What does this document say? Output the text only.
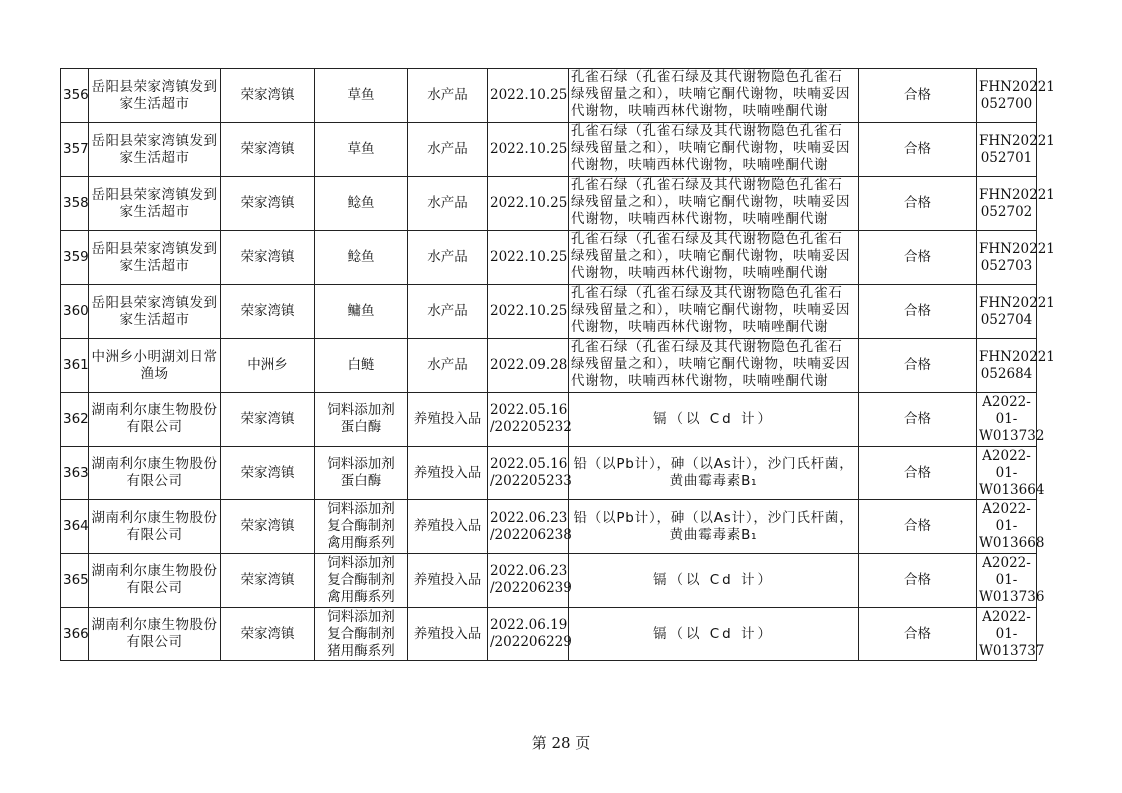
356	岳阳县荣家湾镇发到家生活超市	荣家湾镇	草鱼	水产品	2022.10.25	孔雀石绿（孔雀石绿及其代谢物隐色孔雀石绿残留量之和），呋喃它酮代谢物，呋喃妥因代谢物，呋喃西林代谢物，呋喃唑酮代谢	合格	FHN20221
052700

357	岳阳县荣家湾镇发到家生活超市	荣家湾镇	草鱼	水产品	2022.10.25	孔雀石绿（孔雀石绿及其代谢物隐色孔雀石绿残留量之和），呋喃它酮代谢物，呋喃妥因代谢物，呋喃西林代谢物，呋喃唑酮代谢	合格	FHN20221
052701

358	岳阳县荣家湾镇发到家生活超市	荣家湾镇	鲶鱼	水产品	2022.10.25	孔雀石绿（孔雀石绿及其代谢物隐色孔雀石绿残留量之和），呋喃它酮代谢物，呋喃妥因代谢物，呋喃西林代谢物，呋喃唑酮代谢	合格	FHN20221
052702

359	岳阳县荣家湾镇发到家生活超市	荣家湾镇	鲶鱼	水产品	2022.10.25	孔雀石绿（孔雀石绿及其代谢物隐色孔雀石绿残留量之和），呋喃它酮代谢物，呋喃妥因代谢物，呋喃西林代谢物，呋喃唑酮代谢	合格	FHN20221
052703

360	岳阳县荣家湾镇发到家生活超市	荣家湾镇	鳙鱼	水产品	2022.10.25	孔雀石绿（孔雀石绿及其代谢物隐色孔雀石绿残留量之和），呋喃它酮代谢物，呋喃妥因代谢物，呋喃西林代谢物，呋喃唑酮代谢	合格	FHN20221
052704

361	中洲乡小明湖刘日常渔场	中洲乡	白鲢	水产品	2022.09.28	孔雀石绿（孔雀石绿及其代谢物隐色孔雀石绿残留量之和），呋喃它酮代谢物，呋喃妥因代谢物，呋喃西林代谢物，呋喃唑酮代谢	合格	FHN20221
052684

362	湖南利尔康生物股份有限公司	荣家湾镇	饲料添加剂
蛋白酶	养殖投入品	2022.05.16
/202205232	镉（以 Cd 计）	合格	A2022-
01-
W013732

363	湖南利尔康生物股份有限公司	荣家湾镇	饲料添加剂
蛋白酶	养殖投入品	2022.05.16
/202205233	铅（以Pb计），砷（以As计），沙门氏杆菌，黄曲霉毒素B₁	合格	A2022-
01-
W013664

364	湖南利尔康生物股份有限公司	荣家湾镇	饲料添加剂
复合酶制剂
禽用酶系列	养殖投入品	2022.06.23
/202206238	铅（以Pb计），砷（以As计），沙门氏杆菌，黄曲霉毒素B₁	合格	A2022-
01-
W013668

365	湖南利尔康生物股份有限公司	荣家湾镇	饲料添加剂
复合酶制剂
禽用酶系列	养殖投入品	2022.06.23
/202206239	镉（以 Cd 计）	合格	A2022-
01-
W013736

366	湖南利尔康生物股份有限公司	荣家湾镇	饲料添加剂
复合酶制剂
猪用酶系列	养殖投入品	2022.06.19
/202206229	镉（以 Cd 计）	合格	A2022-
01-
W013737
第 28 页
